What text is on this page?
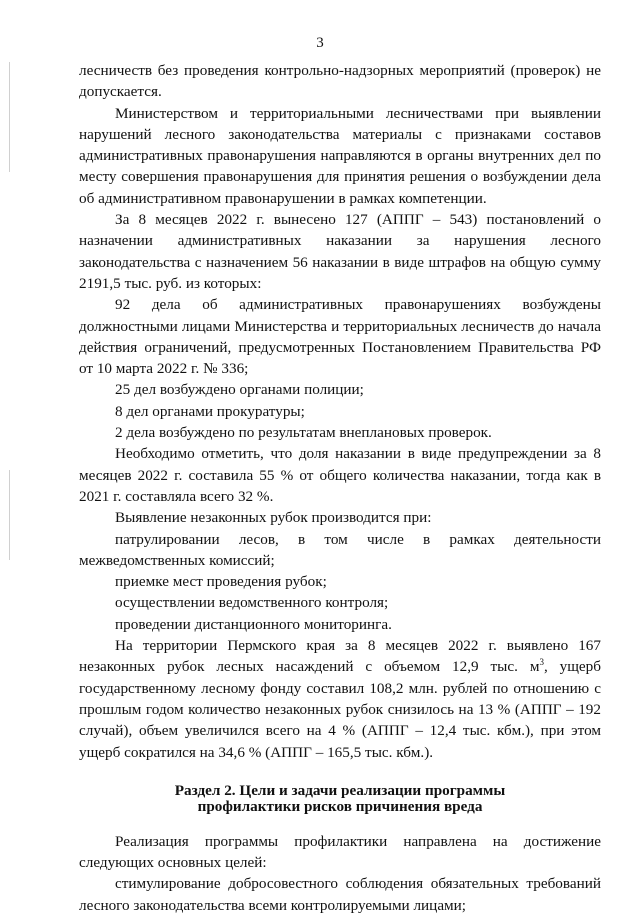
3

лесничеств без проведения контрольно-надзорных мероприятий (проверок) не допускается.

Министерством и территориальными лесничествами при выявлении нарушений лесного законодательства материалы с признаками составов административных правонарушения направляются в органы внутренних дел по месту совершения правонарушения для принятия решения о возбуждении дела об административном правонарушении в рамках компетенции.

За 8 месяцев 2022 г. вынесено 127 (АППГ – 543) постановлений о назначении административных наказании за нарушения лесного законодательства с назначением 56 наказании в виде штрафов на общую сумму 2191,5 тыс. руб. из которых:

92 дела об административных правонарушениях возбуждены должностными лицами Министерства и территориальных лесничеств до начала действия ограничений, предусмотренных Постановлением Правительства РФ от 10 марта 2022 г. № 336;

25 дел возбуждено органами полиции;

8 дел органами прокуратуры;

2 дела возбуждено по результатам внеплановых проверок.

Необходимо отметить, что доля наказании в виде предупреждении за 8 месяцев 2022 г. составила 55 % от общего количества наказании, тогда как в 2021 г. составляла всего 32 %.

Выявление незаконных рубок производится при:

патрулировании лесов, в том числе в рамках деятельности межведомственных комиссий;

приемке мест проведения рубок;

осуществлении ведомственного контроля;

проведении дистанционного мониторинга.

На территории Пермского края за 8 месяцев 2022 г. выявлено 167 незаконных рубок лесных насаждений с объемом 12,9 тыс. $м^3$, ущерб государственному лесному фонду составил 108,2 млн. рублей по отношению с прошлым годом количество незаконных рубок снизилось на 13 % (АППГ – 192 случай), объем увеличился всего на 4 % (АППГ – 12,4 тыс. кбм.), при этом ущерб сократился на 34,6 % (АППГ – 165,5 тыс. кбм.).

Раздел 2. Цели и задачи реализации программы
профилактики рисков причинения вреда

Реализация программы профилактики направлена на достижение следующих основных целей:

стимулирование добросовестного соблюдения обязательных требований лесного законодательства всеми контролируемыми лицами;
